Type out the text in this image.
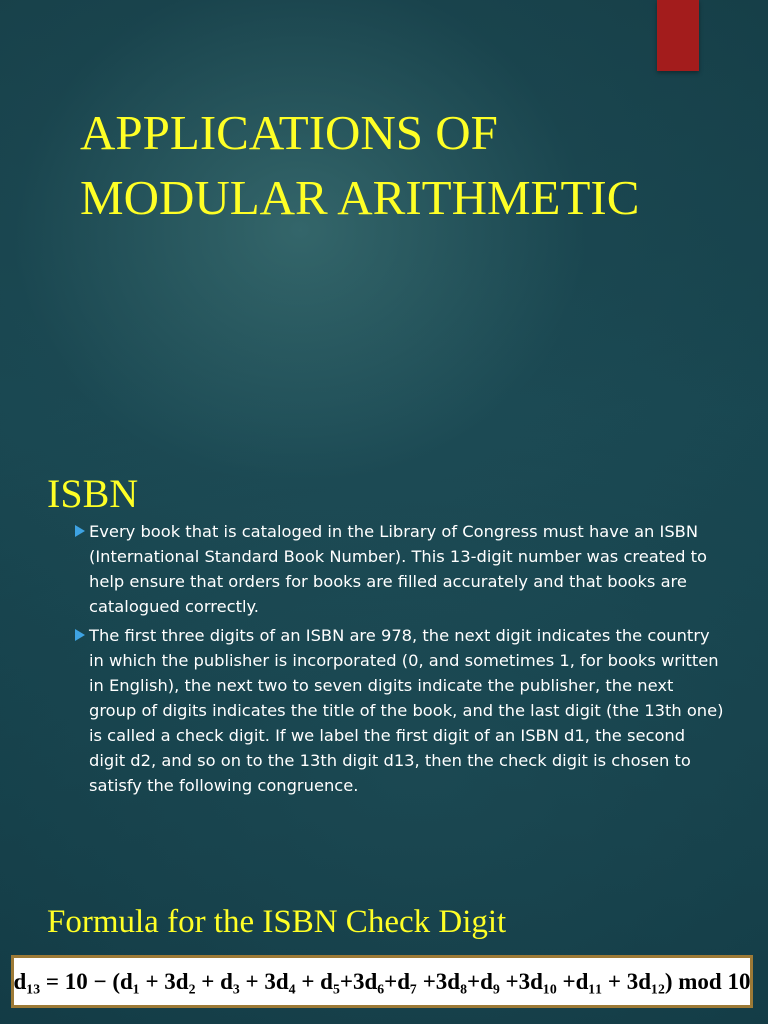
APPLICATIONS OF MODULAR ARITHMETIC
ISBN
Every book that is cataloged in the Library of Congress must have an ISBN (International Standard Book Number). This 13-digit number was created to help ensure that orders for books are filled accurately and that books are catalogued correctly.
The first three digits of an ISBN are 978, the next digit indicates the country in which the publisher is incorporated (0, and sometimes 1, for books written in English), the next two to seven digits indicate the publisher, the next group of digits indicates the title of the book, and the last digit (the 13th one) is called a check digit. If we label the first digit of an ISBN d1, the second digit d2, and so on to the 13th digit d13, then the check digit is chosen to satisfy the following congruence.
Formula for the ISBN Check Digit
d₁₃ = 10 − (d₁ + 3d₂ + d₃ + 3d₄ + d₅+3d₆+d₇ +3d₈+d₉ +3d₁₀ +d₁₁ + 3d₁₂) mod 10
